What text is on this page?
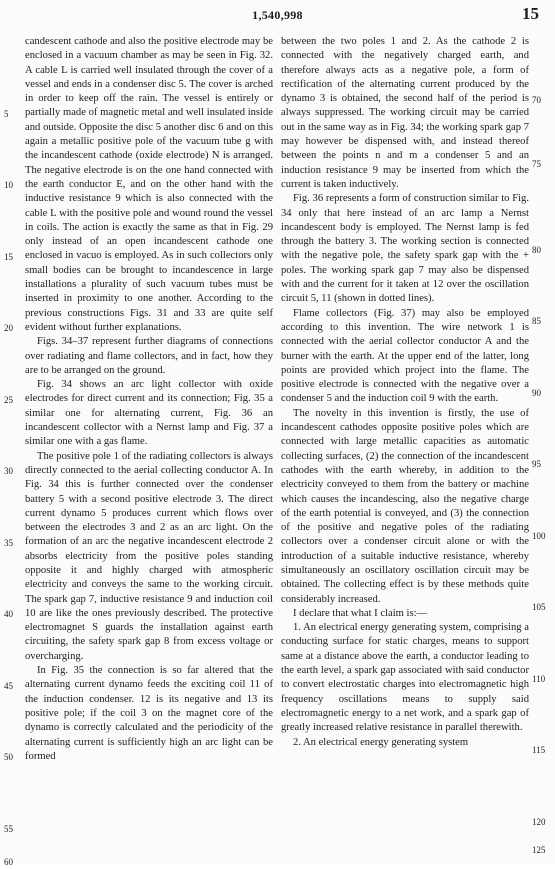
1,540,998	15
5
10
15
20
25
30
35
40
45
50
55
60
70
75
80
85
90
95
100
105
110
115
120
125

candescent cathode and also the positive electrode may be enclosed in a vacuum chamber as may be seen in Fig. 32. A cable L is carried well insulated through the cover of a vessel and ends in a condenser disc 5. The cover is arched in order to keep off the rain. The vessel is entirely or partially made of magnetic metal and well insulated inside and outside. Opposite the disc 5 another disc 6 and on this again a metallic positive pole of the vacuum tube g with the incandescent cathode (oxide electrode) N is arranged. The negative electrode is on the one hand connected with the earth conductor E, and on the other hand with the inductive resistance 9 which is also connected with the cable L with the positive pole and wound round the vessel in coils. The action is exactly the same as that in Fig. 29 only instead of an open incandescent cathode one enclosed in vacuo is employed. As in such collectors only small bodies can be brought to incandescence in large installations a plurality of such vacuum tubes must be inserted in proximity to one another. According to the previous constructions Figs. 31 and 33 are quite self evident without further explanations.

Figs. 34–37 represent further diagrams of connections over radiating and flame collectors, and in fact, how they are to be arranged on the ground.

Fig. 34 shows an arc light collector with oxide electrodes for direct current and its connection; Fig. 35 a similar one for alternating current, Fig. 36 an incandescent collector with a Nernst lamp and Fig. 37 a similar one with a gas flame.

The positive pole 1 of the radiating collectors is always directly connected to the aerial collecting conductor A. In Fig. 34 this is further connected over the condenser battery 5 with a second positive electrode 3. The direct current dynamo 5 produces current which flows over between the electrodes 3 and 2 as an arc light. On the formation of an arc the negative incandescent electrode 2 absorbs electricity from the positive poles standing opposite it and highly charged with atmospheric electricity and conveys the same to the working circuit. The spark gap 7, inductive resistance 9 and induction coil 10 are like the ones previously described. The protective electromagnet S guards the installation against earth circuiting, the safety spark gap 8 from excess voltage or overcharging.

In Fig. 35 the connection is so far altered that the alternating current dynamo feeds the exciting coil 11 of the induction condenser. 12 is its negative and 13 its positive pole; if the coil 3 on the magnet core of the dynamo is correctly calculated and the periodicity of the alternating current is sufficiently high an arc light can be formed

between the two poles 1 and 2. As the cathode 2 is connected with the negatively charged earth, and therefore always acts as a negative pole, a form of rectification of the alternating current produced by the dynamo 3 is obtained, the second half of the period is always suppressed. The working circuit may be carried out in the same way as in Fig. 34; the working spark gap 7 may however be dispensed with, and instead thereof between the points n and m a condenser 5 and an induction resistance 9 may be inserted from which the current is taken inductively.

Fig. 36 represents a form of construction similar to Fig. 34 only that here instead of an arc lamp a Nernst incandescent body is employed. The Nernst lamp is fed through the battery 3. The working section is connected with the negative pole, the safety spark gap with the + poles. The working spark gap 7 may also be dispensed with and the current for it taken at 12 over the oscillation circuit 5, 11 (shown in dotted lines).

Flame collectors (Fig. 37) may also be employed according to this invention. The wire network 1 is connected with the aerial collector conductor A and the burner with the earth. At the upper end of the latter, long points are provided which project into the flame. The positive electrode is connected with the negative over a condenser 5 and the induction coil 9 with the earth.

The novelty in this invention is firstly, the use of incandescent cathodes opposite positive poles which are connected with large metallic capacities as automatic collecting surfaces, (2) the connection of the incandescent cathodes with the earth whereby, in addition to the electricity conveyed to them from the battery or machine which causes the incandescing, also the negative charge of the earth potential is conveyed, and (3) the connection of the positive and negative poles of the radiating collectors over a condenser circuit alone or with the introduction of a suitable inductive resistance, whereby simultaneously an oscillatory oscillation circuit may be obtained. The collecting effect is by these methods quite considerably increased.

I declare that what I claim is:—

1. An electrical energy generating system, comprising a conducting surface for static charges, means to support same at a distance above the earth, a conductor leading to the earth level, a spark gap associated with said conductor to convert electrostatic charges into electromagnetic high frequency oscillations means to supply said electromagnetic energy to a net work, and a spark gap of greatly increased relative resistance in parallel therewith.

2. An electrical energy generating system
